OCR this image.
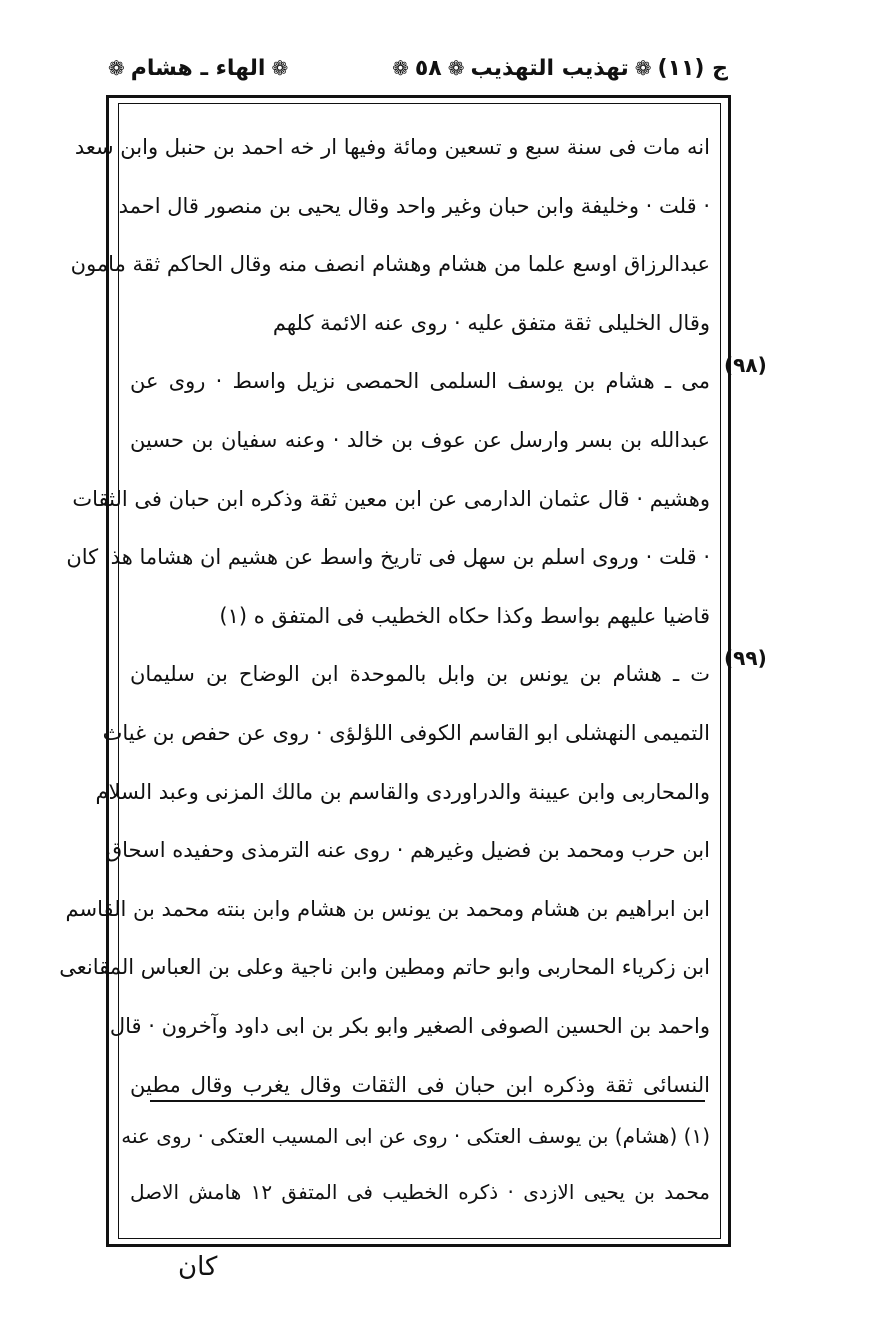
ج (١١)
❁
تهذيب التهذيب
❁
٥٨
❁
❁
الهاء ـ هشام
❁
(٩٨)
(٩٩)
انه مات فى سنة سبع و تسعين ومائة وفيها ار خه احمد بن حنبل وابن سعد
· قلت · وخليفة وابن حبان وغير واحد وقال يحيى بن منصور قال احمد
عبدالرزاق اوسع علما من هشام وهشام انصف منه وقال الحاكم ثقة مامون
وقال الخليلى ثقة متفق عليه · روى عنه الائمة كلهم
مى ـ هشام بن يوسف السلمى الحمصى نزيل واسط · روى عن
عبدالله بن بسر وارسل عن عوف بن خالد · وعنه سفيان بن حسين
وهشيم · قال عثمان الدارمى عن ابن معين ثقة وذكره ابن حبان فى الثقات
· قلت · وروى اسلم بن سهل فى تاريخ واسط عن هشيم ان هشاما هذا كان
قاضيا عليهم بواسط وكذا حكاه الخطيب فى المتفق ه (١)
ت ـ هشام بن يونس بن وابل بالموحدة ابن الوضاح بن سليمان
التميمى النهشلى ابو القاسم الكوفى اللؤلؤى · روى عن حفص بن غياث
والمحاربى وابن عيينة والدراوردى والقاسم بن مالك المزنى وعبد السلام
ابن حرب ومحمد بن فضيل وغيرهم · روى عنه الترمذى وحفيده اسحاق
ابن ابراهيم بن هشام ومحمد بن يونس بن هشام وابن بنته محمد بن القاسم
ابن زكرياء المحاربى وابو حاتم ومطين وابن ناجية وعلى بن العباس المقانعى
واحمد بن الحسين الصوفى الصغير وابو بكر بن ابى داود وآخرون · قال
النسائى ثقة وذكره ابن حبان فى الثقات وقال يغرب وقال مطين
(١) (هشام) بن يوسف العتكى · روى عن ابى المسيب العتكى · روى عنه
محمد بن يحيى الازدى · ذكره الخطيب فى المتفق ١٢ هامش الاصل
كان
